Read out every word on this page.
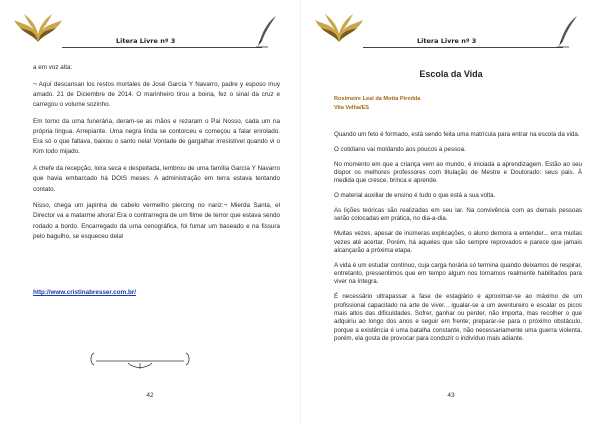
Litera Livre nº 3

a em voz alta:

¬ Aquí descansan los restos mortales de José García Y Navarro, padre y esposo muy amado. 21 de Diciembre de 2014. O marinheiro tirou a boina, fez o sinal da cruz e carregou o volume sozinho.

Em torno da urna funerária, deram-se as mãos e rezaram o Pai Nosso, cada um na própria língua. Arrepiante. Uma negra linda se contorceu e começou a falar enrolado. Era só o que faltava, baixou o santo nela! Vontade de gargalhar irresistível quando vi o Kim todo mijado.

A chefe da recepção, loira seca e despeitada, lembrou de uma família García Y Navarro que havia embarcado há DOIS meses. A administração em terra estava tentando contato.

Nisso, chega um japinha de cabelo vermelho piercing no nariz:¬ Mierda Santa, el Director va a matarme ahora! Era o contrarregra de um filme de terror que estava sendo rodado a bordo. Encarregado da urna cenográfica, foi fumar um baseado e na fissura pelo bagulho, se esqueceu dela!

http://www.cristinabresser.com.br/
42
Litera Livre nº 3
Escola da Vida
Rosimeire Leal da Motta Piredda
Vila Velha/ES

Quando um feto é formado, está sendo feita uma matrícula para entrar na escola da vida.

O cotidiano vai moldando aos poucos a pessoa.

No momento em que a criança vem ao mundo, é iniciada a aprendizagem. Estão ao seu dispor os melhores professores com titulação de Mestre e Doutorado: seus pais. À medida que cresce, brinca e aprende.

O material auxiliar de ensino é tudo o que está a sua volta.

As lições teóricas são realizadas em seu lar. Na convivência com as demais pessoas serão colocadas em prática, no dia-a-dia.

Muitas vezes, apesar de inúmeras explicações, o aluno demora a entender... erra muitas vezes até acertar. Porém, há aqueles que são sempre reprovados e parece que jamais alcançarão a próxima etapa.

A vida é um estudar contínuo, cuja carga horária só termina quando deixamos de respirar, entretanto, pressentimos que em tempo algum nos tornamos realmente habilitados para viver na íntegra.

É necessário ultrapassar a fase de estagiário e aproximar-se ao máximo de um profissional capacitado na arte de viver... igualar-se a um aventureiro e escalar os picos mais altos das dificuldades. Sofrer, ganhar ou perder, não importa, mas recolher o que adquiriu ao longo dos anos e seguir em frente; preparar-se para o próximo obstáculo, porque a existência é uma batalha constante, não necessariamente uma guerra violenta, porém, ela gosta de provocar para conduzir o indivíduo mais adiante.

43
